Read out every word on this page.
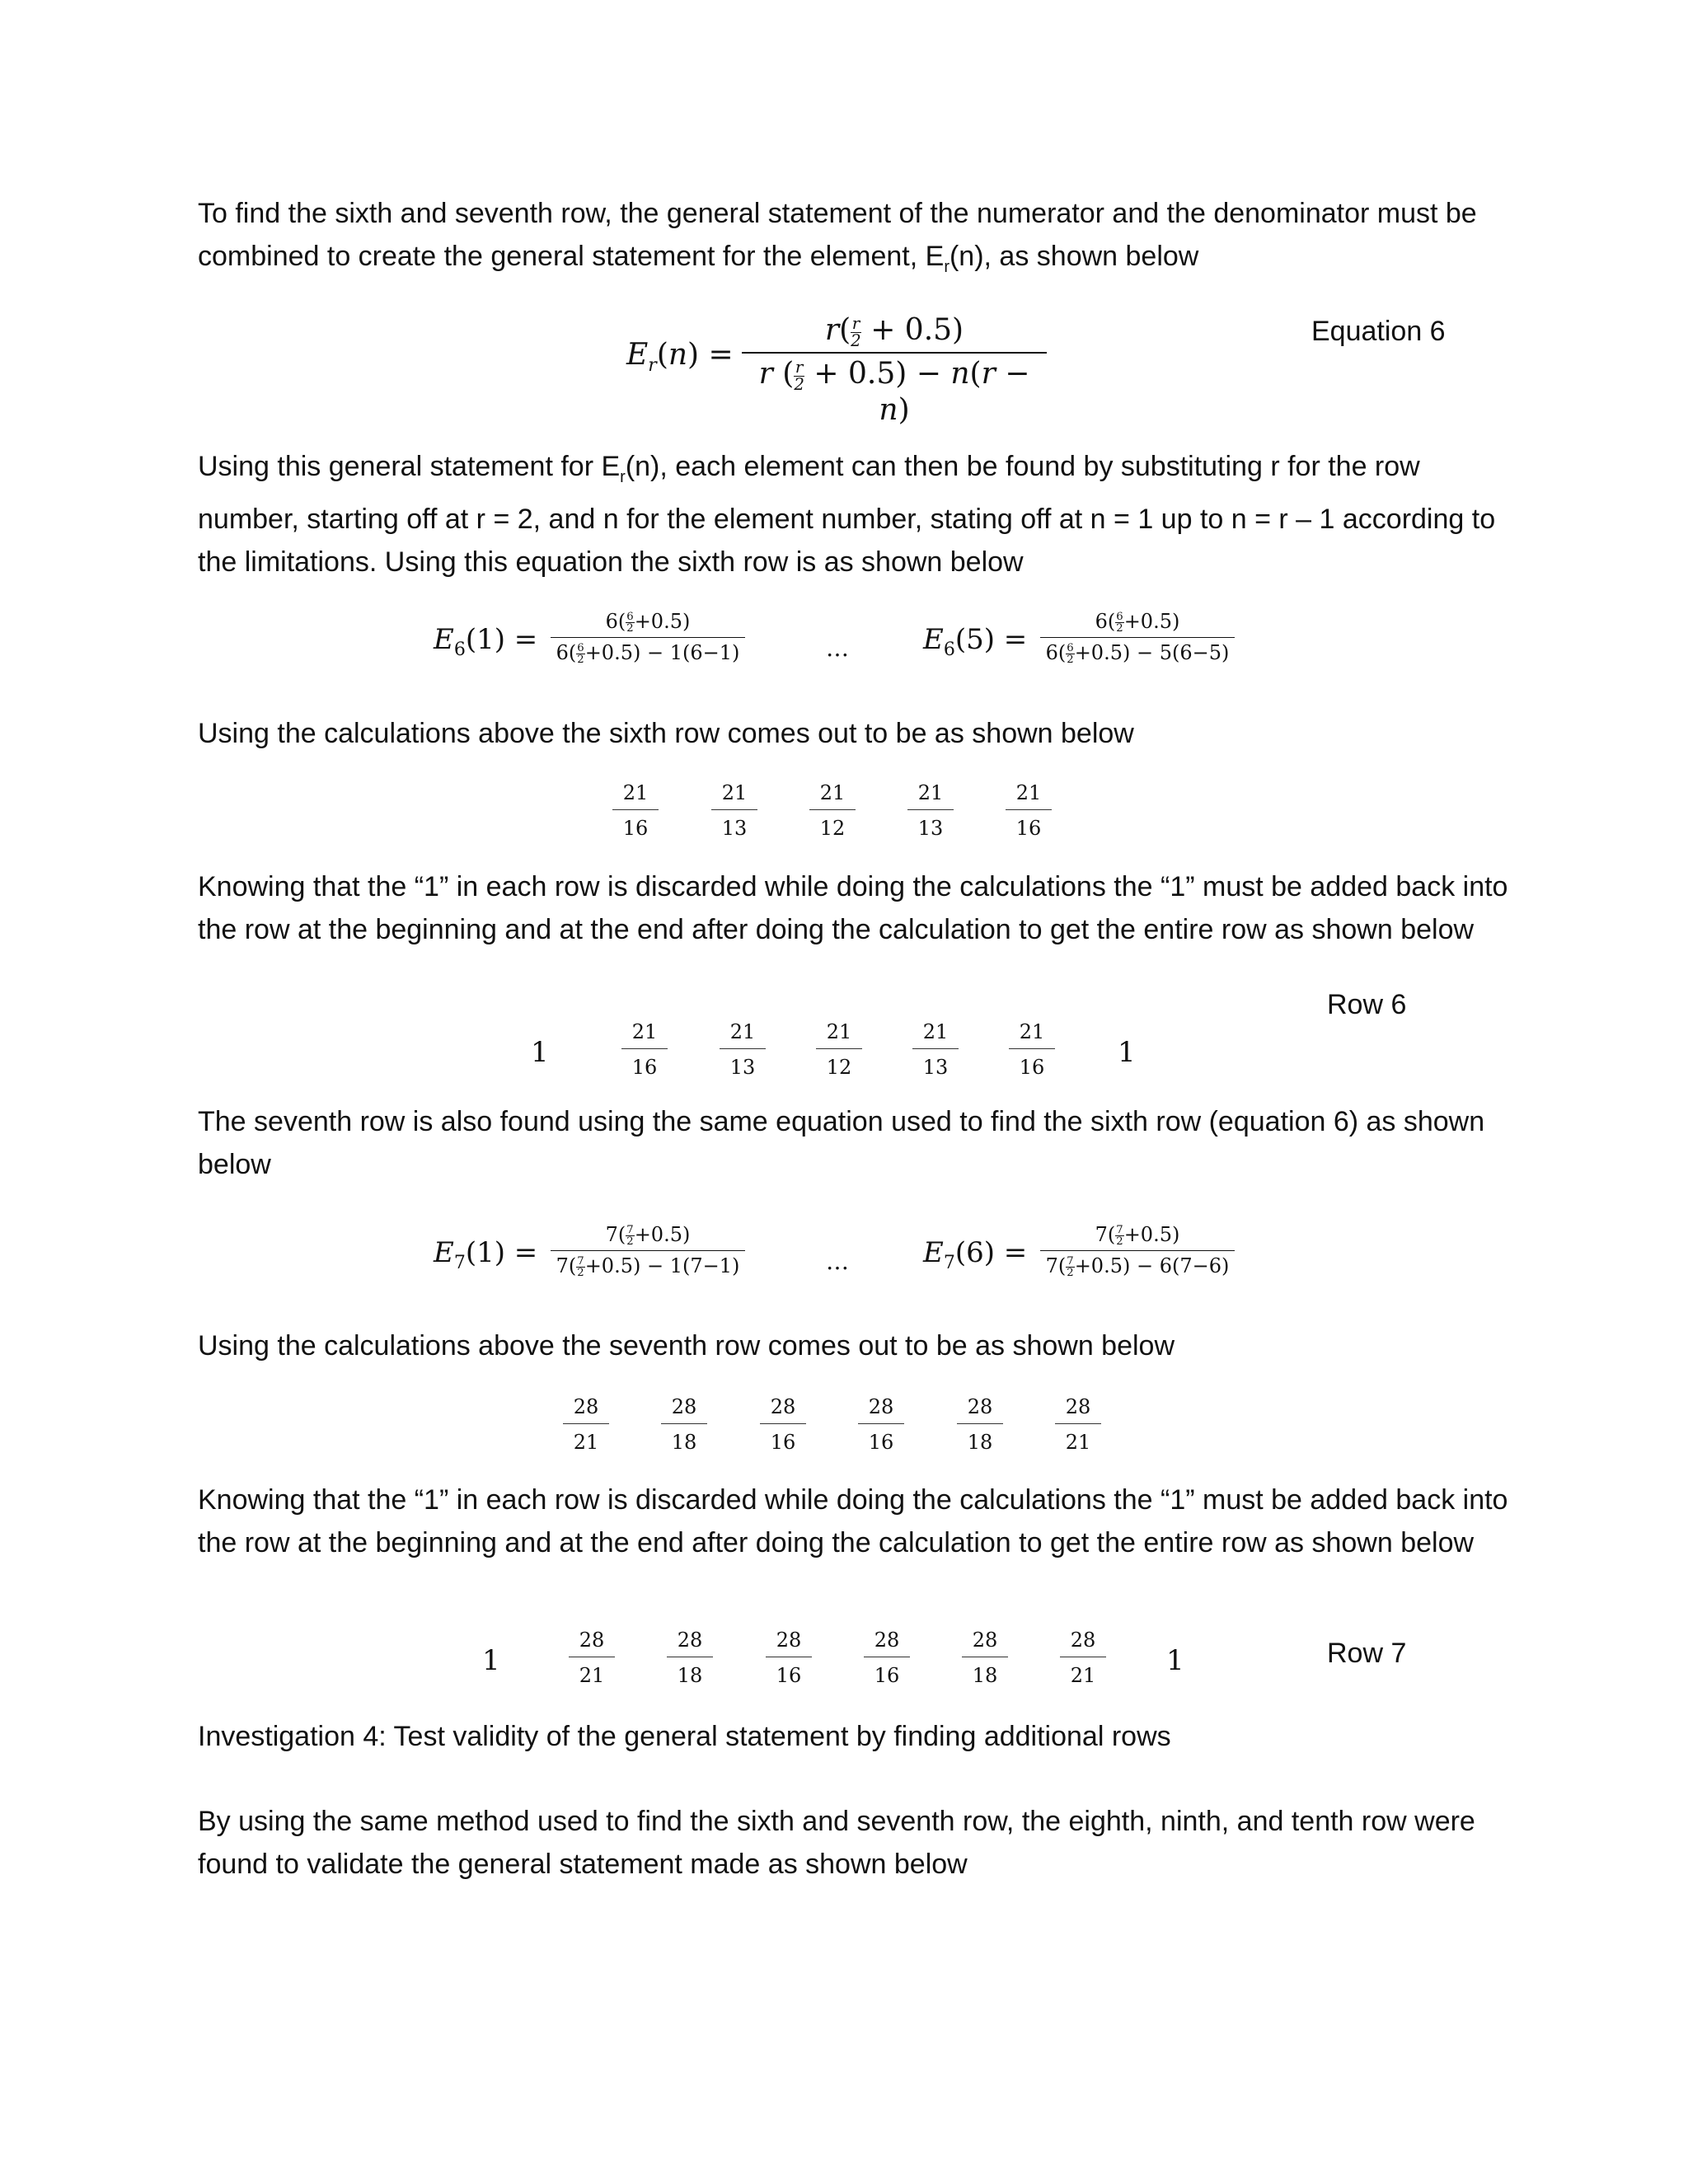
To find the sixth and seventh row, the general statement of the numerator and the denominator must be combined to create the general statement for the element, $E_r(n)$, as shown below
$E_r(n) = \frac{r( \frac{r}{2} + 0.5)}{r ( \frac{r}{2} + 0.5) - n(r - n)}$	Equation 6
Using this general statement for $E_r(n)$, each element can then be found by substituting r for the row number, starting off at r = 2, and n for the element number, stating off at n = 1 up to n = r – 1 according to the limitations. Using this equation the sixth row is as shown below
$E_6(1) = \frac{6( \frac{6}{2} +0.5)}{6( \frac{6}{2} +0.5) - 1(6-1)}$	…	$E_6(5) = \frac{6( \frac{6}{2} +0.5)}{6( \frac{6}{2} +0.5) - 5(6-5)}$
Using the calculations above the sixth row comes out to be as shown below
$\frac{21}{16}$	$\frac{21}{13}$	$\frac{21}{12}$	$\frac{21}{13}$	$\frac{21}{16}$
Knowing that the “1” in each row is discarded while doing the calculations the “1” must be added back into the row at the beginning and at the end after doing the calculation to get the entire row as shown below
Row 6
1	$\frac{21}{16}$	$\frac{21}{13}$	$\frac{21}{12}$	$\frac{21}{13}$	$\frac{21}{16} 1$
The seventh row is also found using the same equation used to find the sixth row (equation 6) as shown below
$E_7(1) = \frac{7( \frac{7}{2} +0.5)}{7( \frac{7}{2} +0.5) - 1(7-1)}$	…	$E_7(6) = \frac{7( \frac{7}{2} +0.5)}{7( \frac{7}{2} +0.5) - 6(7-6)}$
Using the calculations above the seventh row comes out to be as shown below
$\frac{28}{21}$	$\frac{28}{18}$	$\frac{28}{16}$	$\frac{28}{16}$	$\frac{28}{18}$	$\frac{28}{21}$
Knowing that the “1” in each row is discarded while doing the calculations the “1” must be added back into the row at the beginning and at the end after doing the calculation to get the entire row as shown below
1	$\frac{28}{21}$	$\frac{28}{18}$	$\frac{28}{16}$	$\frac{28}{16}$	$\frac{28}{18}$	$\frac{28}{21} 1$	Row 7
Investigation 4: Test validity of the general statement by finding additional rows
By using the same method used to find the sixth and seventh row, the eighth, ninth, and tenth row were found to validate the general statement made as shown below
